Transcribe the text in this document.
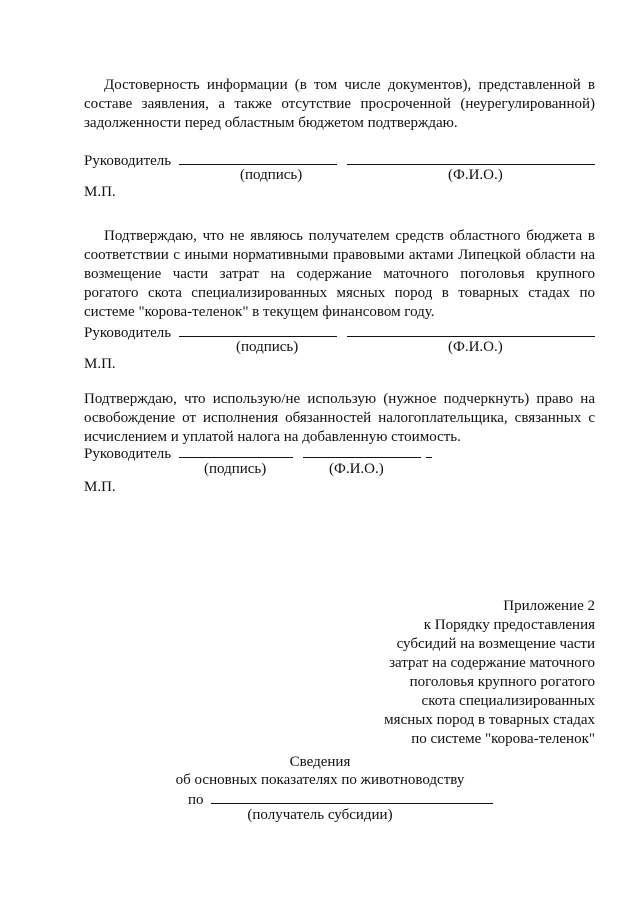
Достоверность информации (в том числе документов), представленной в составе заявления, а также отсутствие просроченной (неурегулированной) задолженности перед областным бюджетом подтверждаю.

Руководитель
(подпись)	(Ф.И.О.)
М.П.

Подтверждаю, что не являюсь получателем средств областного бюджета в соответствии с иными нормативными правовыми актами Липецкой области на возмещение части затрат на содержание маточного поголовья крупного рогатого скота специализированных мясных пород в товарных стадах по системе "корова-теленок" в текущем финансовом году.

Руководитель
(подпись)	(Ф.И.О.)
М.П.

Подтверждаю, что использую/не использую (нужное подчеркнуть) право на освобождение от исполнения обязанностей налогоплательщика, связанных с исчислением и уплатой налога на добавленную стоимость.

Руководитель
(подпись)	(Ф.И.О.)
М.П.
Приложение 2
к Порядку предоставления
субсидий на возмещение части
затрат на содержание маточного
поголовья крупного рогатого
скота специализированных
мясных пород в товарных стадах
по системе "корова-теленок"
Сведения
об основных показателях по животноводству
по
(получатель субсидии)
